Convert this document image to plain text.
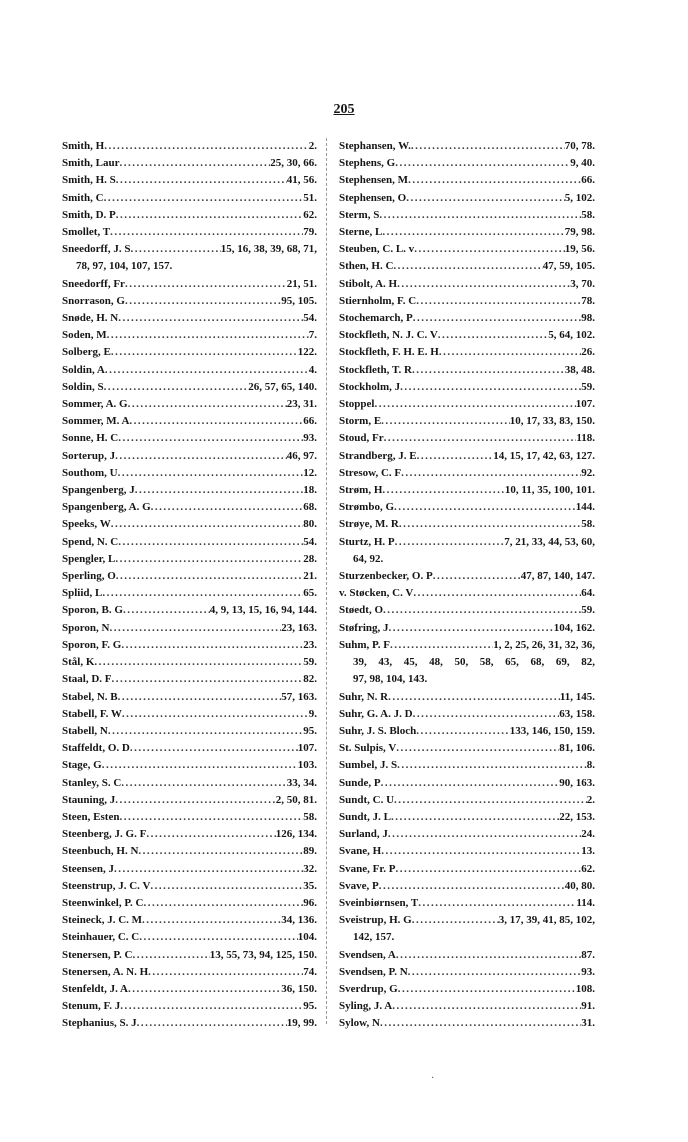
205
Smith, H .....	2.
Smith, Laur .....	25, 30, 66.
Smith, H. S .....	41, 56.
Smith, C .....	51.
Smith, D. P .....	62.
Smollet, T .....	79.
Sneedorff, J. S .....	15, 16, 38, 39, 68, 71,
78, 97, 104, 107, 157.
Sneedorff, Fr .....	21, 51.
Snorrason, G .....	95, 105.
Snøde, H. N .....	54.
Soden, M .....	7.
Solberg, E .....	122.
Soldin, A .....	4.
Soldin, S .....	26, 57, 65, 140.
Sommer, A. G .....	23, 31.
Sommer, M. A .....	66.
Sonne, H. C .....	93.
Sorterup, J .....	46, 97.
Southom, U .....	12.
Spangenberg, J .....	18.
Spangenberg, A. G .....	68.
Speeks, W .....	80.
Spend, N. C .....	54.
Spengler, L .....	28.
Sperling, O .....	21.
Spliid, L .....	65.
Sporon, B. G .....	4, 9, 13, 15, 16, 94, 144.
Sporon, N .....	23, 163.
Sporon, F. G .....	23.
Stål, K .....	59.
Staal, D. F .....	82.
Stabel, N. B .....	57, 163.
Stabell, F. W .....	9.
Stabell, N .....	95.
Staffeldt, O. D .....	107.
Stage, G .....	103.
Stanley, S. C .....	33, 34.
Stauning, J .....	2, 50, 81.
Steen, Esten .....	58.
Steenberg, J. G. F .....	126, 134.
Steenbuch, H. N .....	89.
Steensen, J .....	32.
Steenstrup, J. C. V .....	35.
Steenwinkel, P. C .....	96.
Steineck, J. C. M .....	34, 136.
Steinhauer, C. C .....	104.
Stenersen, P. C .....	13, 55, 73, 94, 125, 150.
Stenersen, A. N. H .....	74.
Stenfeldt, J. A .....	36, 150.
Stenum, F. J .....	95.
Stephanius, S. J .....	19, 99.
Stephansen, W. .....	70, 78.
Stephens, G .....	9, 40.
Stephensen, M .....	66.
Stephensen, O .....	5, 102.
Sterm, S .....	58.
Sterne, L .....	79, 98.
Steuben, C. L. v .....	19, 56.
Sthen, H. C .....	47, 59, 105.
Stibolt, A. H .....	3, 70.
Stiernholm, F. C .....	78.
Stochemarch, P .....	98.
Stockfleth, N. J. C. V .....	5, 64, 102.
Stockfleth, F. H. E. H .....	26.
Stockfleth, T. R .....	38, 48.
Stockholm, J .....	59.
Stoppel .....	107.
Storm, E .....	10, 17, 33, 83, 150.
Stoud, Fr .....	118.
Strandberg, J. E .....	14, 15, 17, 42, 63, 127.
Stresow, C. F .....	92.
Strøm, H .....	10, 11, 35, 100, 101.
Strømbo, G .....	144.
Strøye, M. R .....	58.
Sturtz, H. P .....	7, 21, 33, 44, 53, 60,
64, 92.
Sturzenbecker, O. P .....	47, 87, 140, 147.
v. Støcken, C. V .....	64.
Støedt, O .....	59.
Støfring, J .....	104, 162.
Suhm, P. F .....	1, 2, 25, 26, 31, 32, 36,
39, 43, 45, 48, 50, 58, 65, 68, 69, 82,
97, 98, 104, 143.
Suhr, N. R .....	11, 145.
Suhr, G. A. J. D .....	63, 158.
Suhr, J. S. Bloch .....	133, 146, 150, 159.
St. Sulpis, V .....	81, 106.
Sumbel, J. S .....	8.
Sunde, P .....	90, 163.
Sundt, C. U .....	2.
Sundt, J. L .....	22, 153.
Surland, J .....	24.
Svane, H .....	13.
Svane, Fr. P .....	62.
Svave, P .....	40, 80.
Sveinbiørnsen, T .....	114.
Sveistrup, H. G .....	3, 17, 39, 41, 85, 102,
142, 157.
Svendsen, A .....	87.
Svendsen, P. N .....	93.
Sverdrup, G .....	108.
Syling, J. A .....	91.
Sylow, N .....	31.
·
